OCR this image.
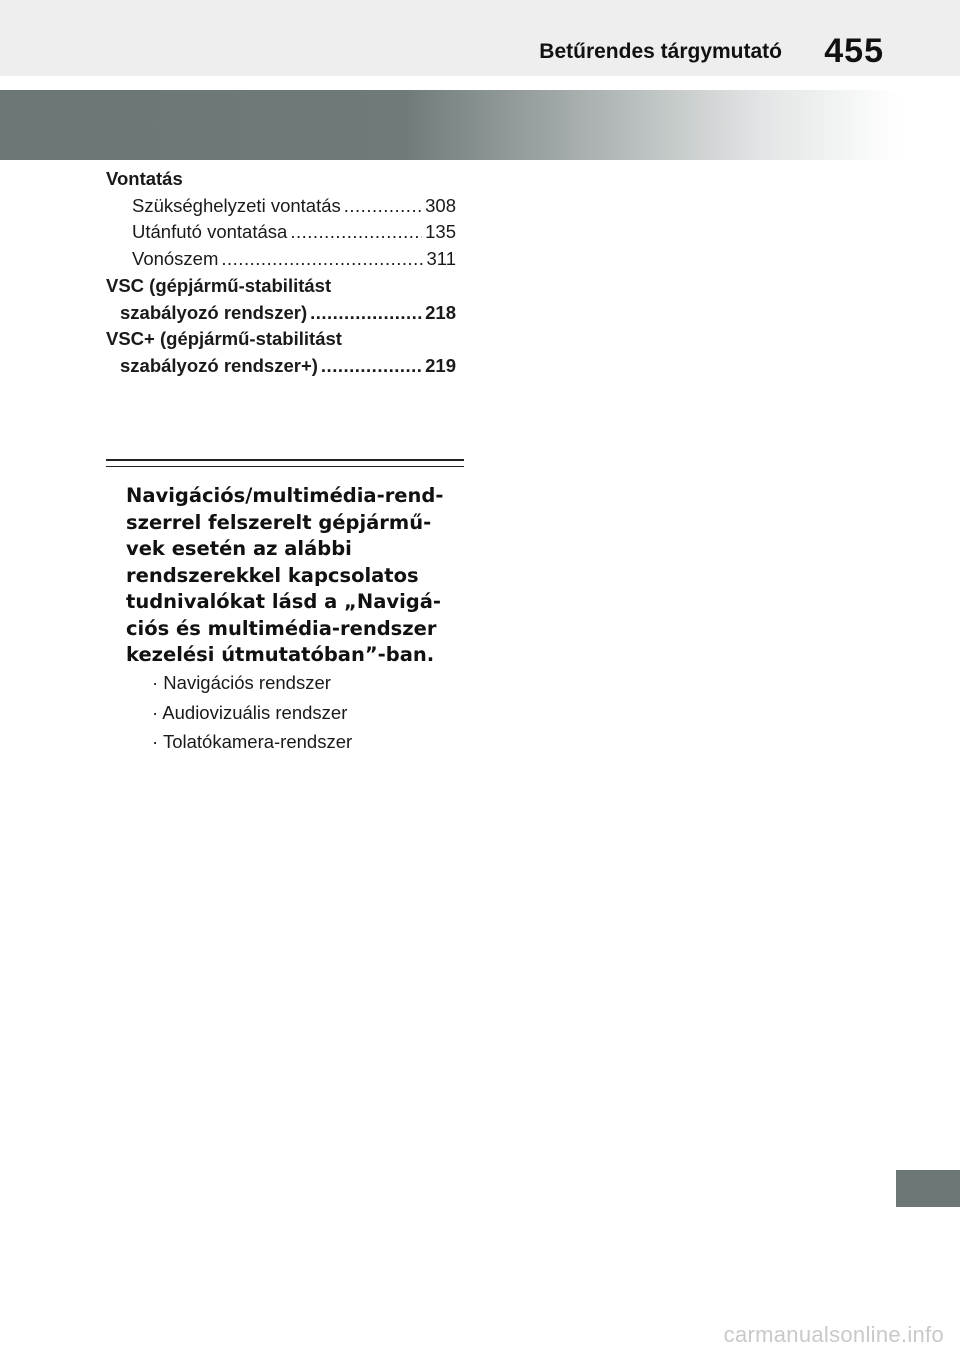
Betűrendes tárgymutató 455
Vontatás
Szükséghelyzeti vontatás .....	308
Utánfutó vontatása .....	135
Vonószem .....	311
VSC (gépjármű-stabilitást
szabályozó rendszer) .....	218
VSC+ (gépjármű-stabilitást
szabályozó rendszer+) .....	219
Navigációs/multimédia-rend-
szerrel felszerelt gépjármű-
vek esetén az alábbi
rendszerekkel kapcsolatos
tudnivalókat lásd a „Navigá-
ciós és multimédia-rendszer
kezelési útmutatóban”-ban.
· Navigációs rendszer
· Audiovizuális rendszer
· Tolatókamera-rendszer
carmanualsonline.info
